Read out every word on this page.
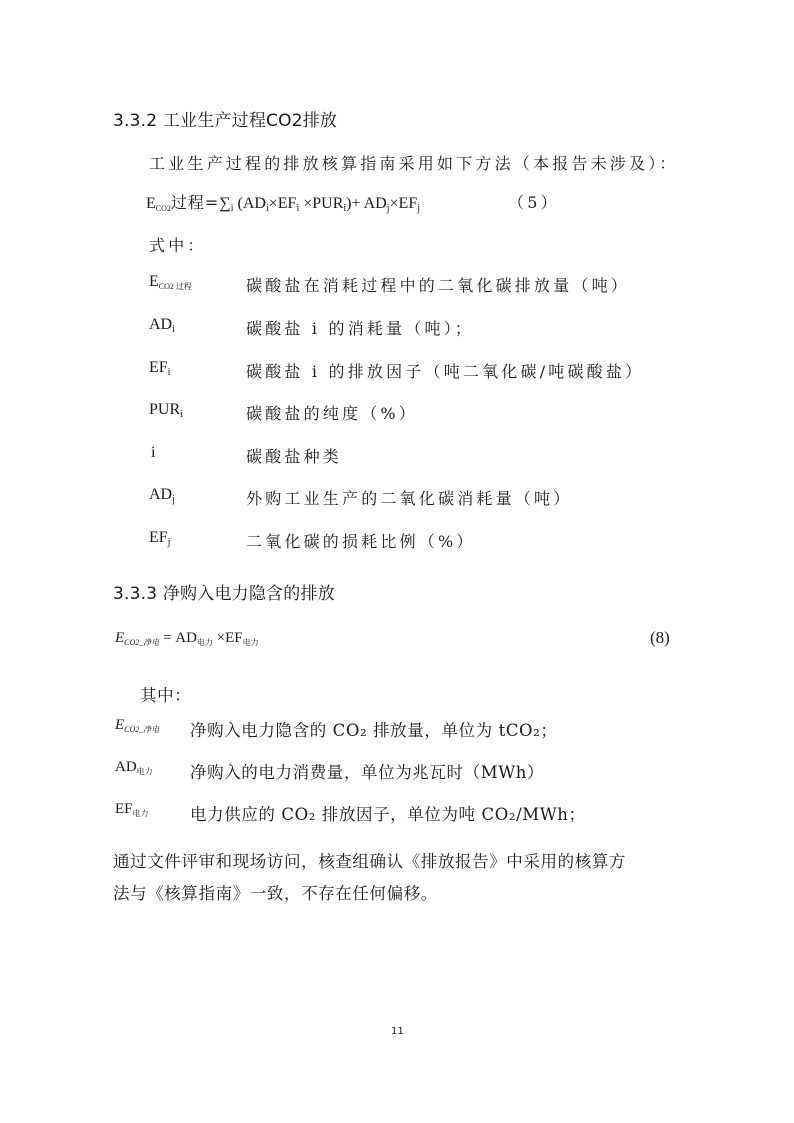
3.3.2 工业生产过程CO2排放
工业生产过程的排放核算指南采用如下方法（本报告未涉及）：
$E_{CO2}$过程$=\sum_i$ $(AD_i\times EF_i \times PUR_i)+ AD_j\times EF_j$	（5）
式中：
$E_{CO2 过程}$	碳酸盐在消耗过程中的二氧化碳排放量（吨）
$AD_i$	碳酸盐 i 的消耗量（吨）；
$EF_i$	碳酸盐 i 的排放因子（吨二氧化碳/吨碳酸盐）
$PUR_i$	碳酸盐的纯度（%）
i	碳酸盐种类
$AD_j$	外购工业生产的二氧化碳消耗量（吨）
$EF_j$	二氧化碳的损耗比例（%）
3.3.3 净购入电力隐含的排放
$E_{CO2\_净电} = AD_{电力} \times EF_{电力}$	(8)
其中：
$E_{CO2\_净电}$ 净购入电力隐含的 CO₂ 排放量，单位为 tCO₂；
$AD_{电力}$ 净购入的电力消费量，单位为兆瓦时（MWh）
$EF_{电力}$	电力供应的 CO₂ 排放因子，单位为吨 CO₂/MWh；
通过文件评审和现场访问，核查组确认《排放报告》中采用的核算方
法与《核算指南》一致，不存在任何偏移。
11
